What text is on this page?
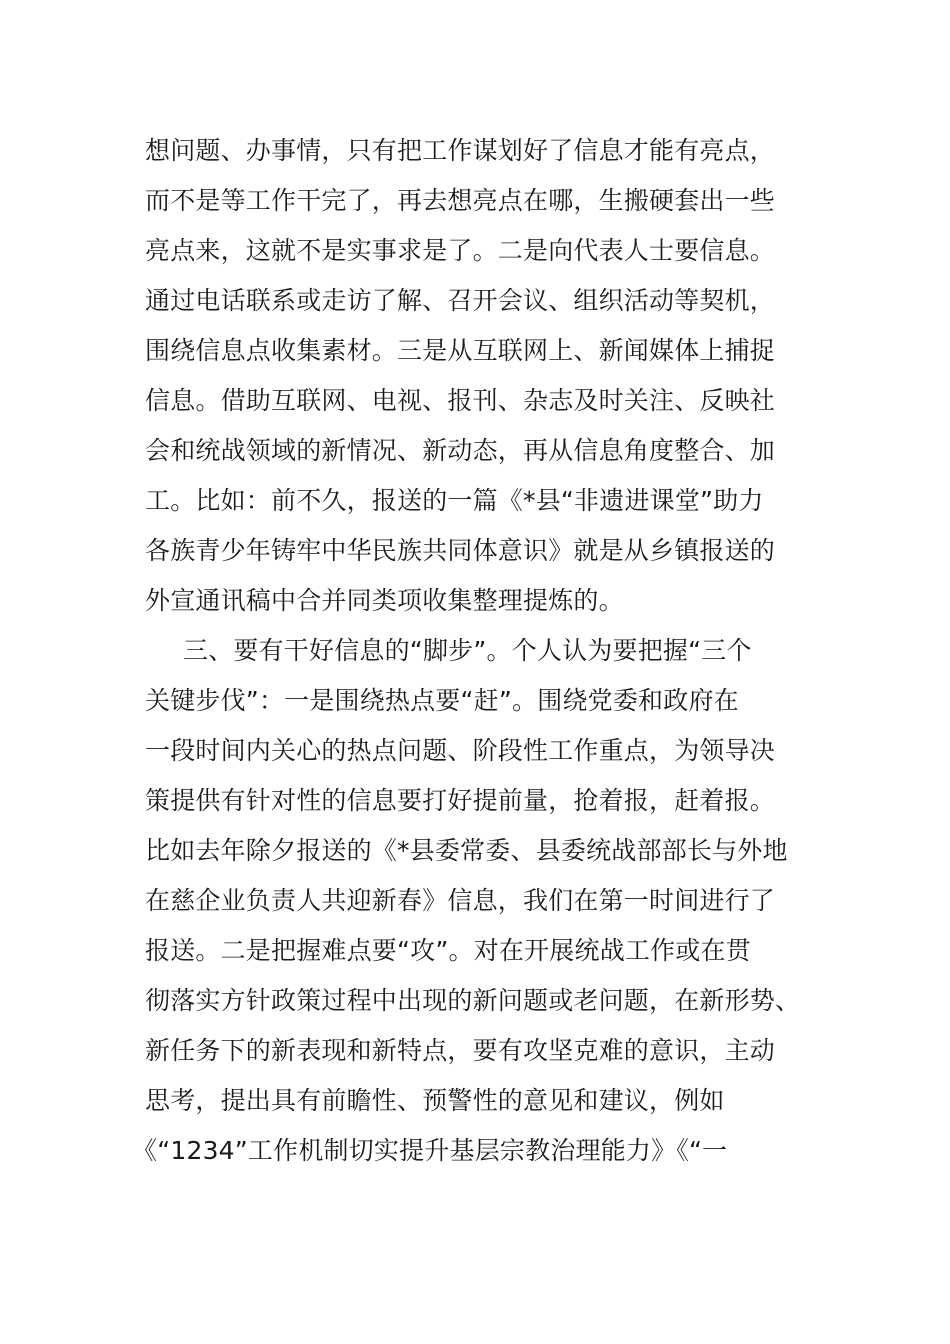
想问题、办事情，只有把工作谋划好了信息才能有亮点，
而不是等工作干完了，再去想亮点在哪，生搬硬套出一些
亮点来，这就不是实事求是了。二是向代表人士要信息。
通过电话联系或走访了解、召开会议、组织活动等契机，
围绕信息点收集素材。三是从互联网上、新闻媒体上捕捉
信息。借助互联网、电视、报刊、杂志及时关注、反映社
会和统战领域的新情况、新动态，再从信息角度整合、加
工。比如：前不久，报送的一篇《*县“非遗进课堂”助力
各族青少年铸牢中华民族共同体意识》就是从乡镇报送的
外宣通讯稿中合并同类项收集整理提炼的。
三、要有干好信息的“脚步”。个人认为要把握“三个
关键步伐”：一是围绕热点要“赶”。围绕党委和政府在
一段时间内关心的热点问题、阶段性工作重点，为领导决
策提供有针对性的信息要打好提前量，抢着报，赶着报。
比如去年除夕报送的《*县委常委、县委统战部部长与外地
在慈企业负责人共迎新春》信息，我们在第一时间进行了
报送。二是把握难点要“攻”。对在开展统战工作或在贯
彻落实方针政策过程中出现的新问题或老问题，在新形势、
新任务下的新表现和新特点，要有攻坚克难的意识，主动
思考，提出具有前瞻性、预警性的意见和建议，例如
《“1234”工作机制切实提升基层宗教治理能力》《“一
